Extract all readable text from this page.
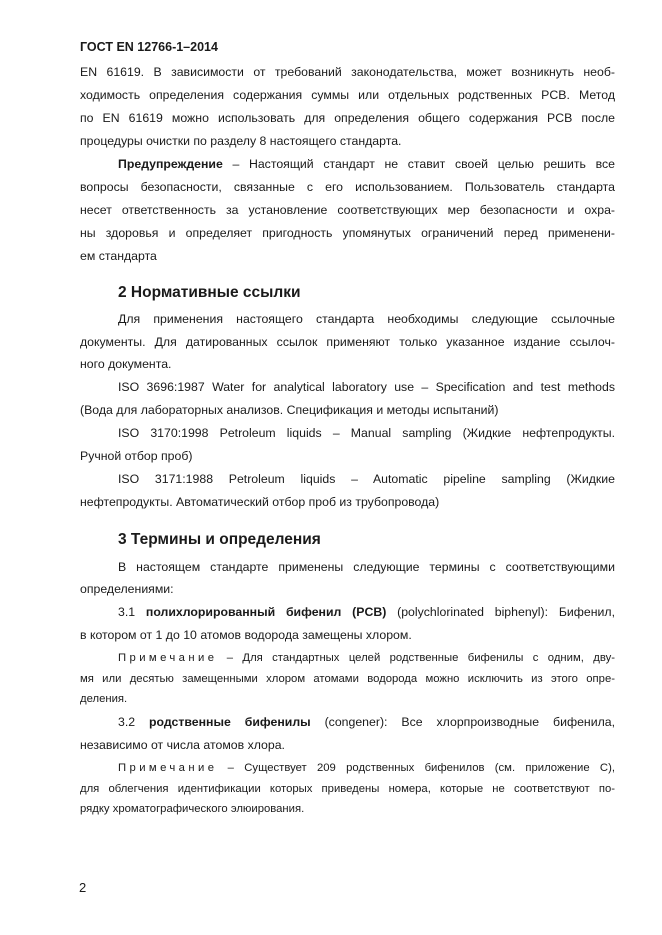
ГОСТ EN 12766-1–2014
EN 61619. В зависимости от требований законодательства, может возникнуть необ-
ходимость определения содержания суммы или отдельных родственных PCB. Метод
по EN 61619 можно использовать для определения общего содержания PCB после
процедуры очистки по разделу 8 настоящего стандарта.
Предупреждение – Настоящий стандарт не ставит своей целью решить все
вопросы безопасности, связанные с его использованием. Пользователь стандарта
несет ответственность за установление соответствующих мер безопасности и охра-
ны здоровья и определяет пригодность упомянутых ограничений перед применени-
ем стандарта
2 Нормативные ссылки
Для применения настоящего стандарта необходимы следующие ссылочные
документы. Для датированных ссылок применяют только указанное издание ссылоч-
ного документа.
ISO 3696:1987 Water for analytical laboratory use – Specification and test methods
(Вода для лабораторных анализов. Спецификация и методы испытаний)
ISO 3170:1998 Petroleum liquids – Manual sampling (Жидкие нефтепродукты.
Ручной отбор проб)
ISO 3171:1988 Petroleum liquids – Automatic pipeline sampling (Жидкие
нефтепродукты. Автоматический отбор проб из трубопровода)
3 Термины и определения
В настоящем стандарте применены следующие термины с соответствующими
определениями:
3.1 полихлорированный бифенил (PCB) (polychlorinated biphenyl): Бифенил,
в котором от 1 до 10 атомов водорода замещены хлором.
Примечание – Для стандартных целей родственные бифенилы с одним, дву-
мя или десятью замещенными хлором атомами водорода можно исключить из этого опре-
деления.
3.2 родственные бифенилы (congener): Все хлорпроизводные бифенила,
независимо от числа атомов хлора.
Примечание – Существует 209 родственных бифенилов (см. приложение С),
для облегчения идентификации которых приведены номера, которые не соответствуют по-
рядку хроматографического элюирования.
2
